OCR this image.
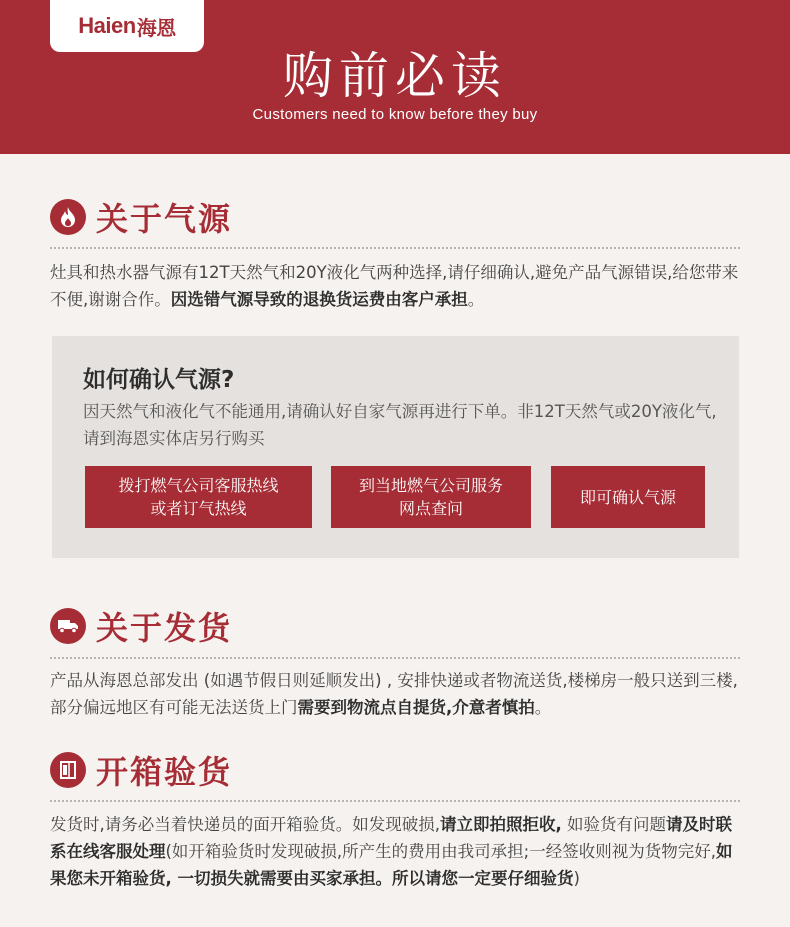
Haien 海恩
购前必读
Customers need to know before they buy
关于气源
灶具和热水器气源有12T天然气和20Y液化气两种选择,请仔细确认,避免产品气源错误,给您带来不便,谢谢合作。因选错气源导致的退换货运费由客户承担。
如何确认气源?
因天然气和液化气不能通用,请确认好自家气源再进行下单。非12T天然气或20Y液化气,请到海恩实体店另行购买
拨打燃气公司客服热线
或者订气热线
到当地燃气公司服务
网点查问
即可确认气源
关于发货
产品从海恩总部发出 (如遇节假日则延顺发出) , 安排快递或者物流送货,楼梯房一般只送到三楼,部分偏远地区有可能无法送货上门需要到物流点自提货,介意者慎拍。
开箱验货
发货时,请务必当着快递员的面开箱验货。如发现破损,请立即拍照拒收, 如验货有问题请及时联系在线客服处理(如开箱验货时发现破损,所产生的费用由我司承担;一经签收则视为货物完好,如果您未开箱验货, 一切损失就需要由买家承担。所以请您一定要仔细验货)
